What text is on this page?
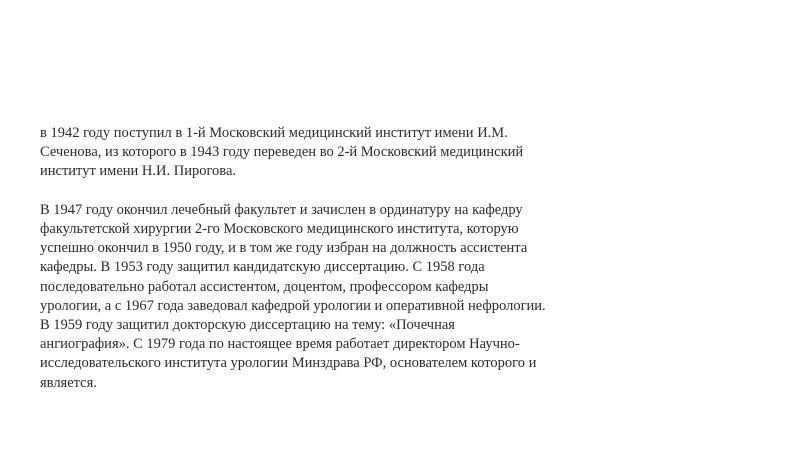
в 1942 году поступил в 1-й Московский медицинский институт имени И.М.
Сеченова, из которого в 1943 году переведен во 2-й Московский медицинский
институт имени Н.И. Пирогова.

В 1947 году окончил лечебный факультет и зачислен в ординатуру на кафедру
факультетской хирургии 2-го Московского медицинского института, которую
успешно окончил в 1950 году, и в том же году избран на должность ассистента
кафедры. В 1953 году защитил кандидатскую диссертацию. С 1958 года
последовательно работал ассистентом, доцентом, профессором кафедры
урологии, а с 1967 года заведовал кафедрой урологии и оперативной нефрологии.
В 1959 году защитил докторскую диссертацию на тему: «Почечная
ангиография». С 1979 года по настоящее время работает директором Научно-
исследовательского института урологии Минздрава РФ, основателем которого и
является.
